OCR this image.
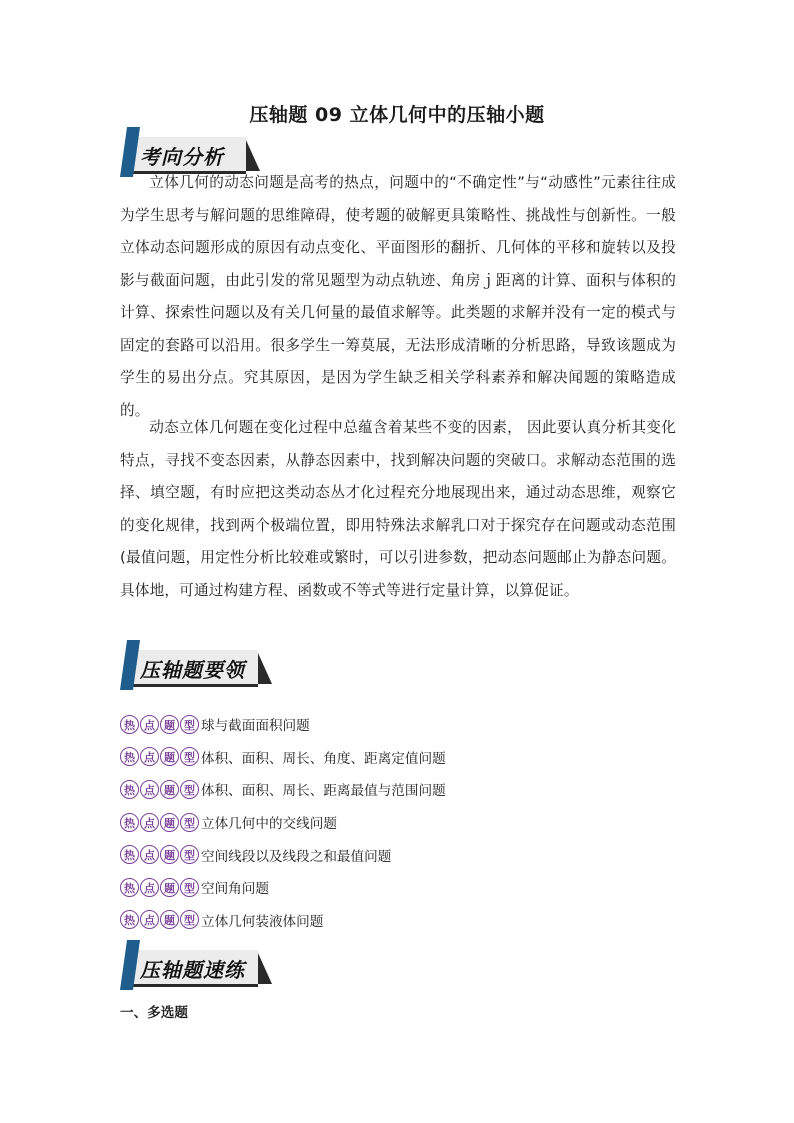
压轴题 09 立体几何中的压轴小题
考向分析

立体几何的动态问题是高考的热点，问题中的“不确定性”与“动感性”元素往往成为学生思考与解问题的思维障碍，使考题的破解更具策略性、挑战性与创新性。一般立体动态问题形成的原因有动点变化、平面图形的翻折、几何体的平移和旋转以及投影与截面问题，由此引发的常见题型为动点轨迹、角房ｊ距离的计算、面积与体积的计算、探索性问题以及有关几何量的最值求解等。此类题的求解并没有一定的模式与固定的套路可以沿用。很多学生一筹莫展，无法形成清晰的分析思路，导致该题成为学生的易出分点。究其原因，是因为学生缺乏相关学科素养和解决闻题的策略造成的。

动态立体几何题在变化过程中总蕴含着某些不变的因素， 因此要认真分析其变化特点，寻找不变态因素，从静态因素中，找到解决问题的突破口。求解动态范围的选择、填空题，有时应把这类动态丛才化过程充分地展现出来，通过动态思维，观察它的变化规律，找到两个极端位置，即用特殊法求解乳口对于探究存在问题或动态范围(最值问题，用定性分析比较难或繁时，可以引进参数，把动态问题邮止为静态问题。具体地，可通过构建方程、函数或不等式等进行定量计算，以算促证。

压轴题要领
热 点 题 型 球与截面面积问题
热 点 题 型 体积、面积、周长、角度、距离定值问题
热 点 题 型 体积、面积、周长、距离最值与范围问题
热 点 题 型 立体几何中的交线问题
热 点 题 型 空间线段以及线段之和最值问题
热 点 题 型 空间角问题
热 点 题 型 立体几何装液体问题
压轴题速练
一、多选题
